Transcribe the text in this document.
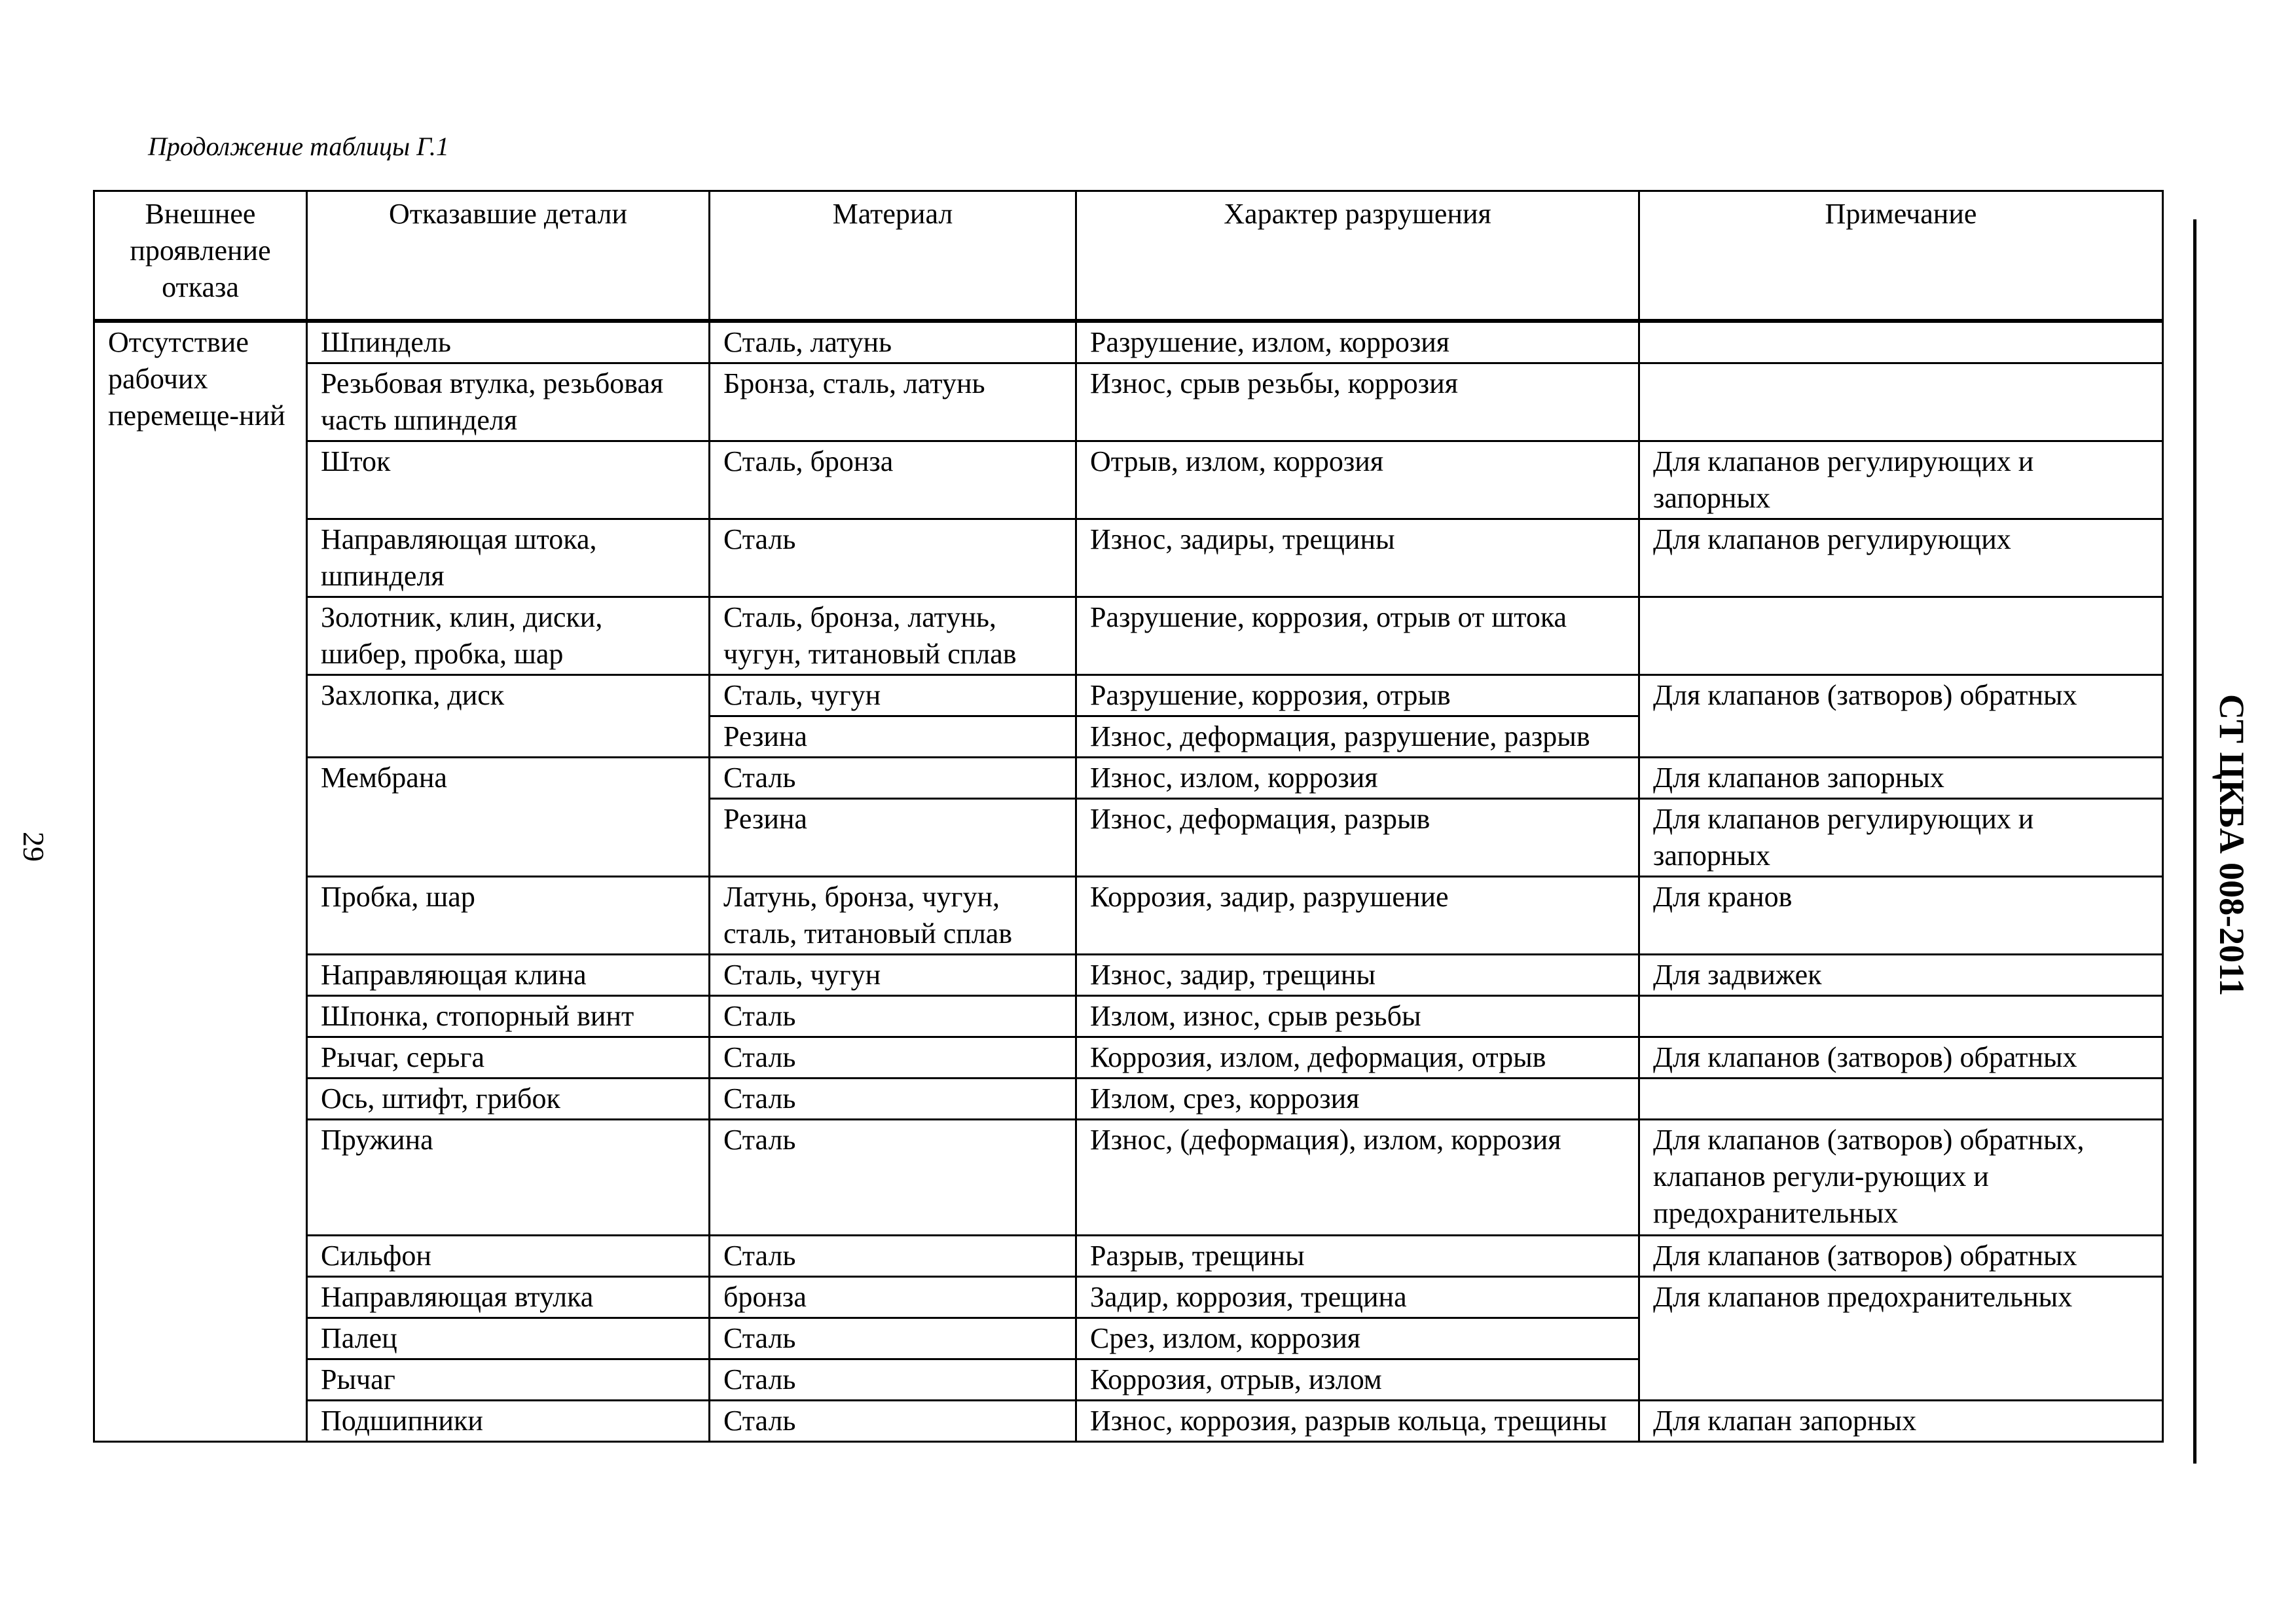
Продолжение таблицы Г.1
29	СТ ЦКБА 008-2011
Внешнее проявление отказа	Отказавшие детали	Материал	Характер разрушения	Примечание
Отсутствие рабочих перемеще-ний	Шпиндель	Сталь, латунь	Разрушение, излом, коррозия	
	Резьбовая втулка, резьбовая часть шпинделя	Бронза, сталь, латунь	Износ, срыв резьбы, коррозия	
	Шток	Сталь, бронза	Отрыв, излом, коррозия	Для клапанов регулирующих и запорных
	Направляющая штока, шпинделя	Сталь	Износ, задиры, трещины	Для клапанов регулирующих
	Золотник, клин, диски, шибер, пробка, шар	Сталь, бронза, латунь, чугун, титановый сплав	Разрушение, коррозия, отрыв от штока	
	Захлопка, диск	Сталь, чугун	Разрушение, коррозия, отрыв	Для клапанов (затворов) обратных
		Резина	Износ, деформация, разрушение, разрыв	
	Мембрана	Сталь	Износ, излом, коррозия	Для клапанов запорных
		Резина	Износ, деформация, разрыв	Для клапанов регулирующих и запорных
	Пробка, шар	Латунь, бронза, чугун, сталь, титановый сплав	Коррозия, задир, разрушение	Для кранов
	Направляющая клина	Сталь, чугун	Износ, задир, трещины	Для задвижек
	Шпонка, стопорный винт	Сталь	Излом, износ, срыв резьбы	
	Рычаг, серьга	Сталь	Коррозия, излом, деформация, отрыв	Для клапанов (затворов) обратных
	Ось, штифт, грибок	Сталь	Излом, срез, коррозия	
	Пружина	Сталь	Износ, (деформация), излом, коррозия	Для клапанов (затворов) обратных, клапанов регули-рующих и предохранительных
	Сильфон	Сталь	Разрыв, трещины	Для клапанов (затворов) обратных
	Направляющая втулка	бронза	Задир, коррозия, трещина	Для клапанов предохранительных
	Палец	Сталь	Срез, излом, коррозия	
	Рычаг	Сталь	Коррозия, отрыв, излом	
	Подшипники	Сталь	Износ, коррозия, разрыв кольца, трещины	Для клапан запорных
